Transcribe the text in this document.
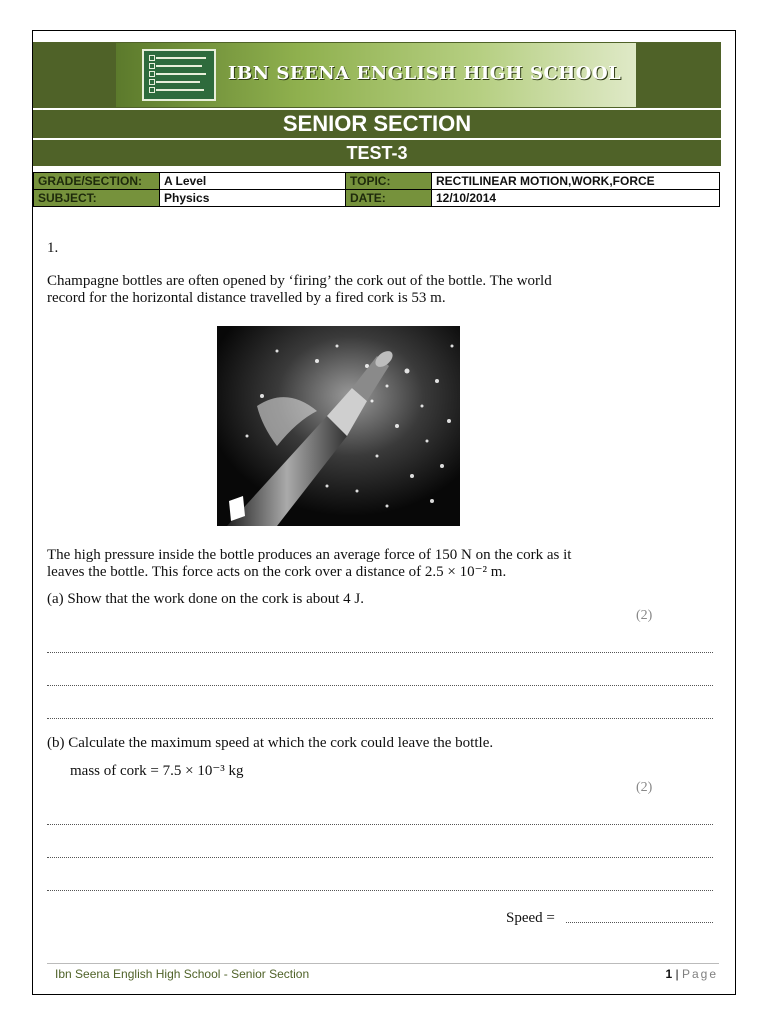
IBN SEENA ENGLISH HIGH SCHOOL
SENIOR SECTION
TEST-3
GRADE/SECTION:	A Level	TOPIC:	RECTILINEAR MOTION,WORK,FORCE
SUBJECT:	Physics	DATE:	12/10/2014
1.

Champagne bottles are often opened by ‘firing’ the cork out of the bottle. The world
record for the horizontal distance travelled by a fired cork is 53 m.

The high pressure inside the bottle produces an average force of 150 N on the cork as it
leaves the bottle. This force acts on the cork over a distance of 2.5 × 10⁻² m.

(a) Show that the work done on the cork is about 4 J.

(2)

(b) Calculate the maximum speed at which the cork could leave the bottle.

mass of cork = 7.5 × 10⁻³ kg

(2)
Speed =
Ibn Seena English High School - Senior Section	1 | Page
